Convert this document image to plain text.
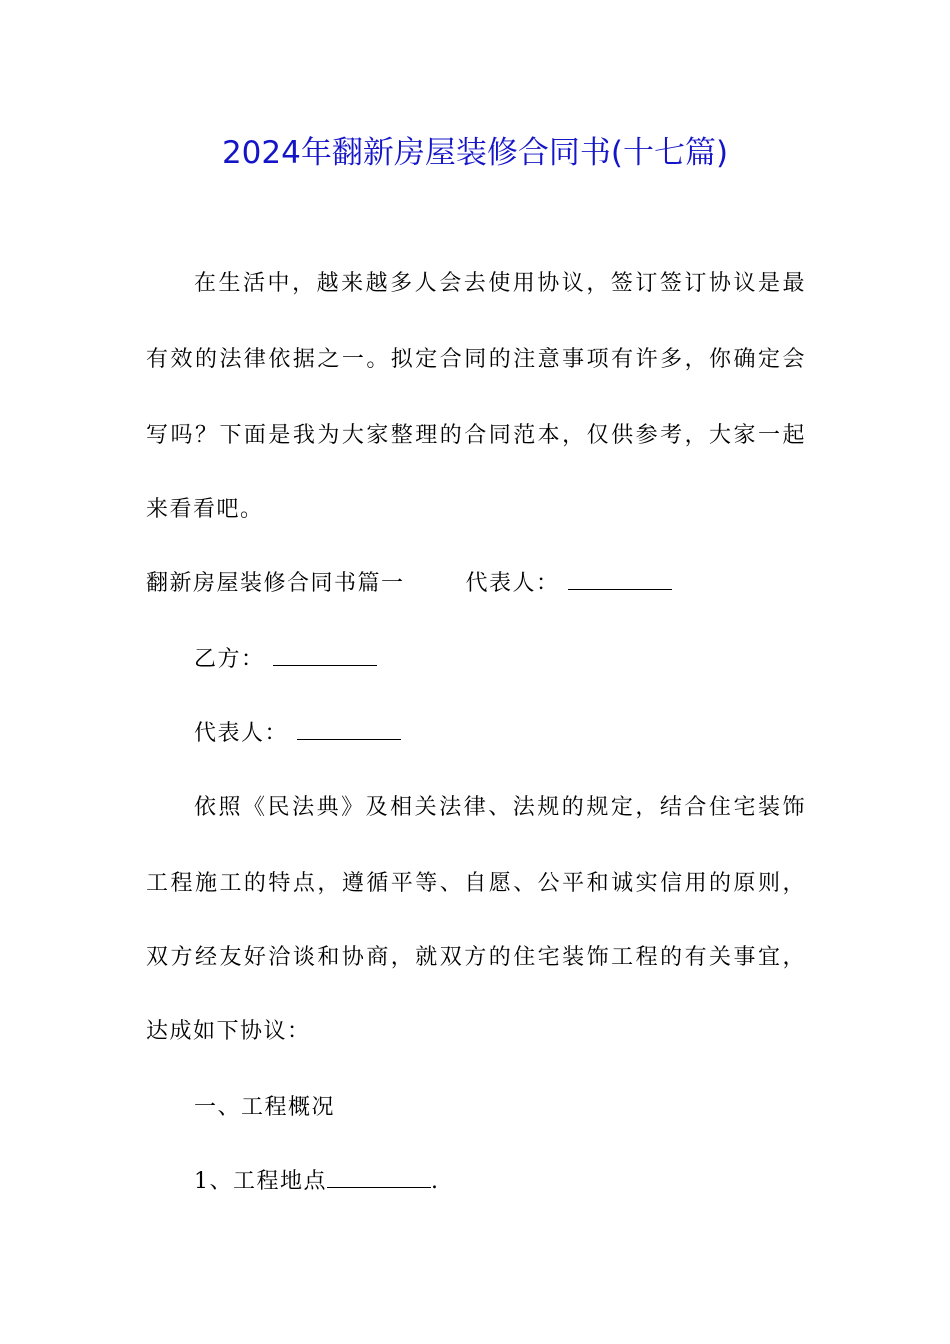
2024年翻新房屋装修合同书(十七篇)
在生活中，越来越多人会去使用协议，签订签订协议是最
有效的法律依据之一。拟定合同的注意事项有许多，你确定会
写吗？下面是我为大家整理的合同范本，仅供参考，大家一起
来看看吧。
翻新房屋装修合同书篇一	代表人：
乙方：
代表人：
依照《民法典》及相关法律、法规的规定，结合住宅装饰
工程施工的特点，遵循平等、自愿、公平和诚实信用的原则，
双方经友好洽谈和协商，就双方的住宅装饰工程的有关事宜，
达成如下协议：
一、工程概况
1、工程地点	.
